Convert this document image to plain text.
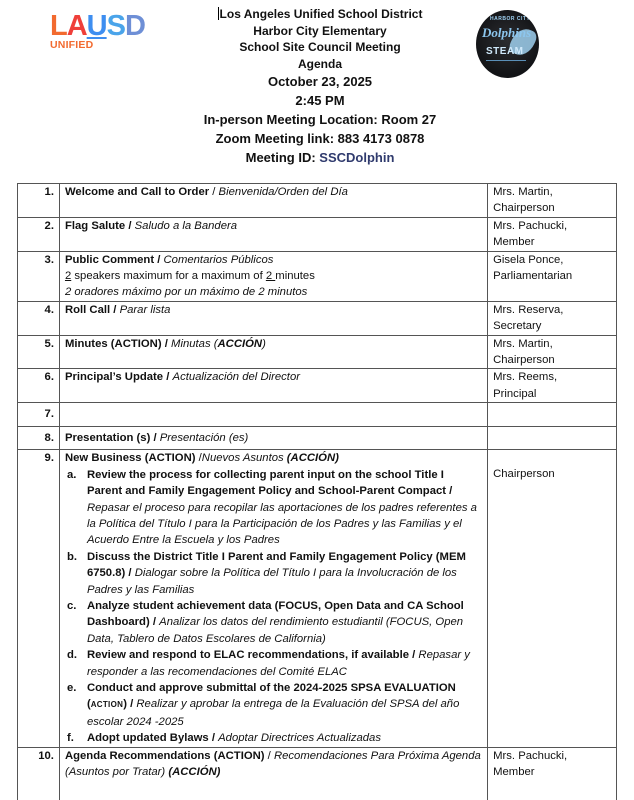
LAUSD
UNIFIED
Los Angeles Unified School District
Harbor City Elementary
School Site Council Meeting
Agenda
October 23, 2025
2:45 PM
In-person Meeting Location: Room 27
Zoom Meeting link: 883 4173 0878
Meeting ID: SSCDolphin
HARBOR CITY
Dolphins
STEAM
1.	Welcome and Call to Order / Bienvenida/Orden del Día	Mrs. Martin,
Chairperson

2.	Flag Salute / Saludo a la Bandera	Mrs. Pachucki,
Member

3.	Public Comment / Comentarios Públicos
2 speakers maximum for a maximum of 2 minutes
2 oradores máximo por un máximo de 2 minutos

Gisela Ponce,
Parliamentarian

4.	Roll Call / Parar lista	Mrs. Reserva,
Secretary

5.	Minutes (ACTION) / Minutas (ACCIÓN)	Mrs. Martin,
Chairperson

6.	Principal’s Update / Actualización del Director	Mrs. Reems,
Principal

7.		
8.	Presentation (s) / Presentación (es)	
9.	New Business (ACTION) /Nuevos Asuntos (ACCIÓN)
a. Review the process for collecting parent input on the school Title I Parent and Family Engagement Policy and School-Parent Compact / Repasar el proceso para recopilar las aportaciones de los padres referentes a la Política del Título I para la Participación de los Padres y las Familias y el Acuerdo Entre la Escuela y los Padres
b. Discuss the District Title I Parent and Family Engagement Policy (MEM 6750.8) / Dialogar sobre la Política del Título I para la Involucración de los Padres y las Familias
c. Analyze student achievement data (FOCUS, Open Data and CA School Dashboard) / Analizar los datos del rendimiento estudiantil (FOCUS, Open Data, Tablero de Datos Escolares de California)
d. Review and respond to ELAC recommendations, if available / Repasar y responder a las recomendaciones del Comité ELAC
e. Conduct and approve submittal of the 2024-2025 SPSA EVALUATION (ACTION) / Realizar y aprobar la entrega de la Evaluación del SPSA del año escolar 2024 -2025
f.	Adopt updated Bylaws / Adoptar Directrices Actualizadas

Chairperson

10.	Agenda Recommendations (ACTION) / Recomendaciones Para Próxima Agenda (Asuntos por Tratar) (ACCIÓN)	Mrs. Pachucki,
Member
